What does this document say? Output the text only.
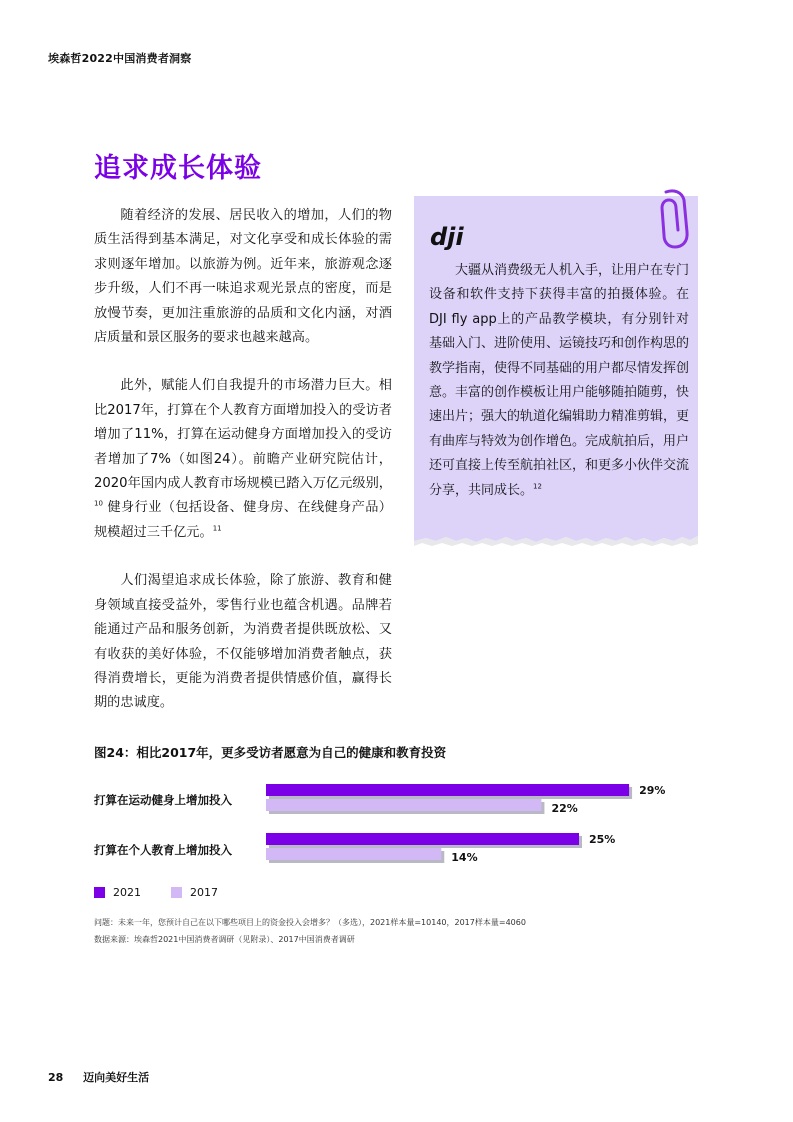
埃森哲2022中国消费者洞察
追求成长体验

随着经济的发展、居民收入的增加，人们的物质生活得到基本满足，对文化享受和成长体验的需求则逐年增加。以旅游为例。近年来，旅游观念逐步升级，人们不再一味追求观光景点的密度，而是放慢节奏，更加注重旅游的品质和文化内涵，对酒店质量和景区服务的要求也越来越高。

此外，赋能人们自我提升的市场潜力巨大。相比2017年，打算在个人教育方面增加投入的受访者增加了11%，打算在运动健身方面增加投入的受访者增加了7%（如图24）。前瞻产业研究院估计，2020年国内成人教育市场规模已踏入万亿元级别，$^{10}$ 健身行业（包括设备、健身房、在线健身产品）规模超过三千亿元。$^{11}$

人们渴望追求成长体验，除了旅游、教育和健身领域直接受益外，零售行业也蕴含机遇。品牌若能通过产品和服务创新，为消费者提供既放松、又有收获的美好体验，不仅能够增加消费者触点，获得消费增长，更能为消费者提供情感价值，赢得长期的忠诚度。

dji

大疆从消费级无人机入手，让用户在专门设备和软件支持下获得丰富的拍摄体验。在DJI fly app上的产品教学模块，有分别针对基础入门、进阶使用、运镜技巧和创作构思的教学指南，使得不同基础的用户都尽情发挥创意。丰富的创作模板让用户能够随拍随剪，快速出片；强大的轨道化编辑助力精准剪辑，更有曲库与特效为创作增色。完成航拍后，用户还可直接上传至航拍社区，和更多小伙伴交流分享，共同成长。$^{12}$

图24：相比2017年，更多受访者愿意为自己的健康和教育投资
打算在运动健身上增加投入
打算在个人教育上增加投入
29%
22%
25%
14%
2021	2017
问题：未来一年，您预计自己在以下哪些项目上的资金投入会增多？（多选），2021样本量=10140，2017样本量=4060
数据来源：埃森哲2021中国消费者调研（见附录）、2017中国消费者调研
28 迈向美好生活
